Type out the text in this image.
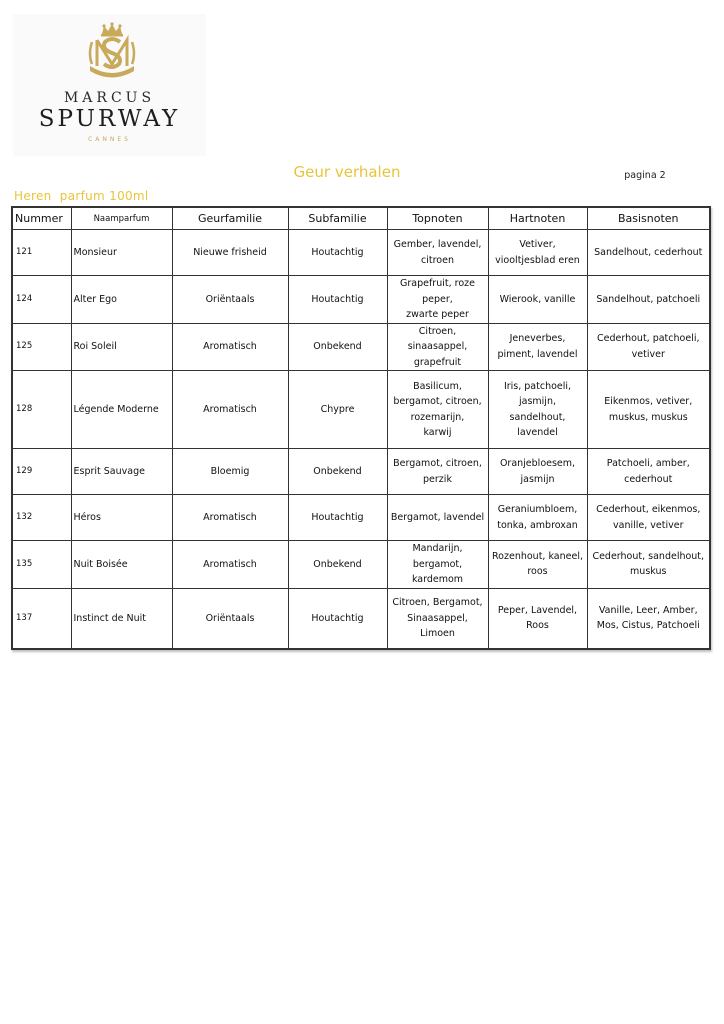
MARCUS
SPURWAY
CANNES
Geur verhalen	pagina 2
Heren  parfum 100ml
Nummer	Naamparfum	Geurfamilie	Subfamilie	Topnoten	Hartnoten	Basisnoten
121	Monsieur	Nieuwe frisheid	Houtachtig	Gember, lavendel,
citroen	Vetiver,
viooltjesblad eren	Sandelhout, cederhout

124	Alter Ego	Oriëntaals	Houtachtig	Grapefruit, roze
peper,
zwarte peper	Wierook, vanille	Sandelhout, patchoeli

125	Roi Soleil	Aromatisch	Onbekend	Citroen,
sinaasappel,
grapefruit	Jeneverbes,
piment, lavendel	Cederhout, patchoeli,
vetiver

128	Légende Moderne	Aromatisch	Chypre	Basilicum,
bergamot, citroen,
rozemarijn,
karwij	Iris, patchoeli,
jasmijn,
sandelhout,
lavendel	Eikenmos, vetiver,
muskus, muskus

129	Esprit Sauvage	Bloemig	Onbekend	Bergamot, citroen,
perzik	Oranjebloesem,
jasmijn	Patchoeli, amber,
cederhout

132	Héros	Aromatisch	Houtachtig	Bergamot, lavendel	Geraniumbloem,
tonka, ambroxan	Cederhout, eikenmos,
vanille, vetiver

135	Nuit Boisée	Aromatisch	Onbekend	Mandarijn,
bergamot,
kardemom	Rozenhout, kaneel,
roos	Cederhout, sandelhout,
muskus

137	Instinct de Nuit	Oriëntaals	Houtachtig	Citroen, Bergamot,
Sinaasappel,
Limoen	Peper, Lavendel,
Roos	Vanille, Leer, Amber,
Mos, Cistus, Patchoeli
